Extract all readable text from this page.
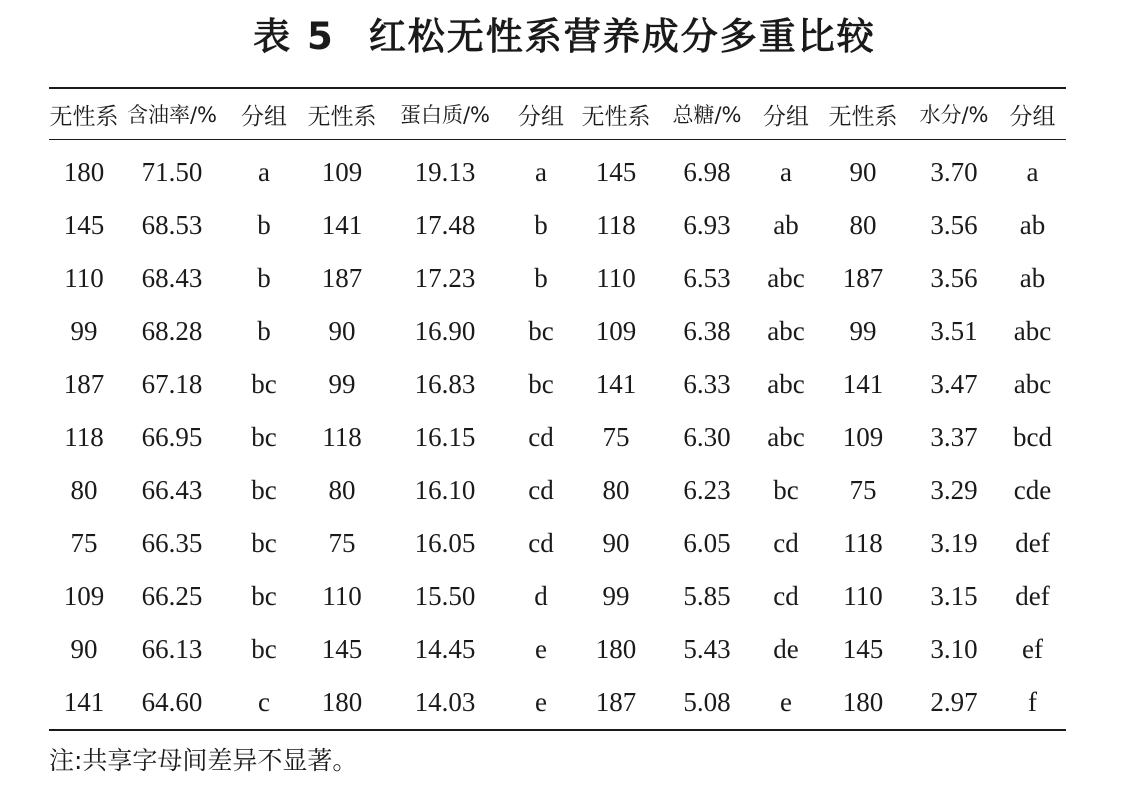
表 5 红松无性系营养成分多重比较
无性系	含油率/%	分组	无性系	蛋白质/%	分组	无性系	总糖/%	分组	无性系	水分/%	分组
180	71.50	a	109	19.13	a	145	6.98	a	90	3.70	a
145	68.53	b	141	17.48	b	118	6.93	ab	80	3.56	ab
110	68.43	b	187	17.23	b	110	6.53	abc	187	3.56	ab
99	68.28	b	90	16.90	bc	109	6.38	abc	99	3.51	abc
187	67.18	bc	99	16.83	bc	141	6.33	abc	141	3.47	abc
118	66.95	bc	118	16.15	cd	75	6.30	abc	109	3.37	bcd
80	66.43	bc	80	16.10	cd	80	6.23	bc	75	3.29	cde
75	66.35	bc	75	16.05	cd	90	6.05	cd	118	3.19	def
109	66.25	bc	110	15.50	d	99	5.85	cd	110	3.15	def
90	66.13	bc	145	14.45	e	180	5.43	de	145	3.10	ef
141	64.60	c	180	14.03	e	187	5.08	e	180	2.97	f
注:共享字母间差异不显著。
